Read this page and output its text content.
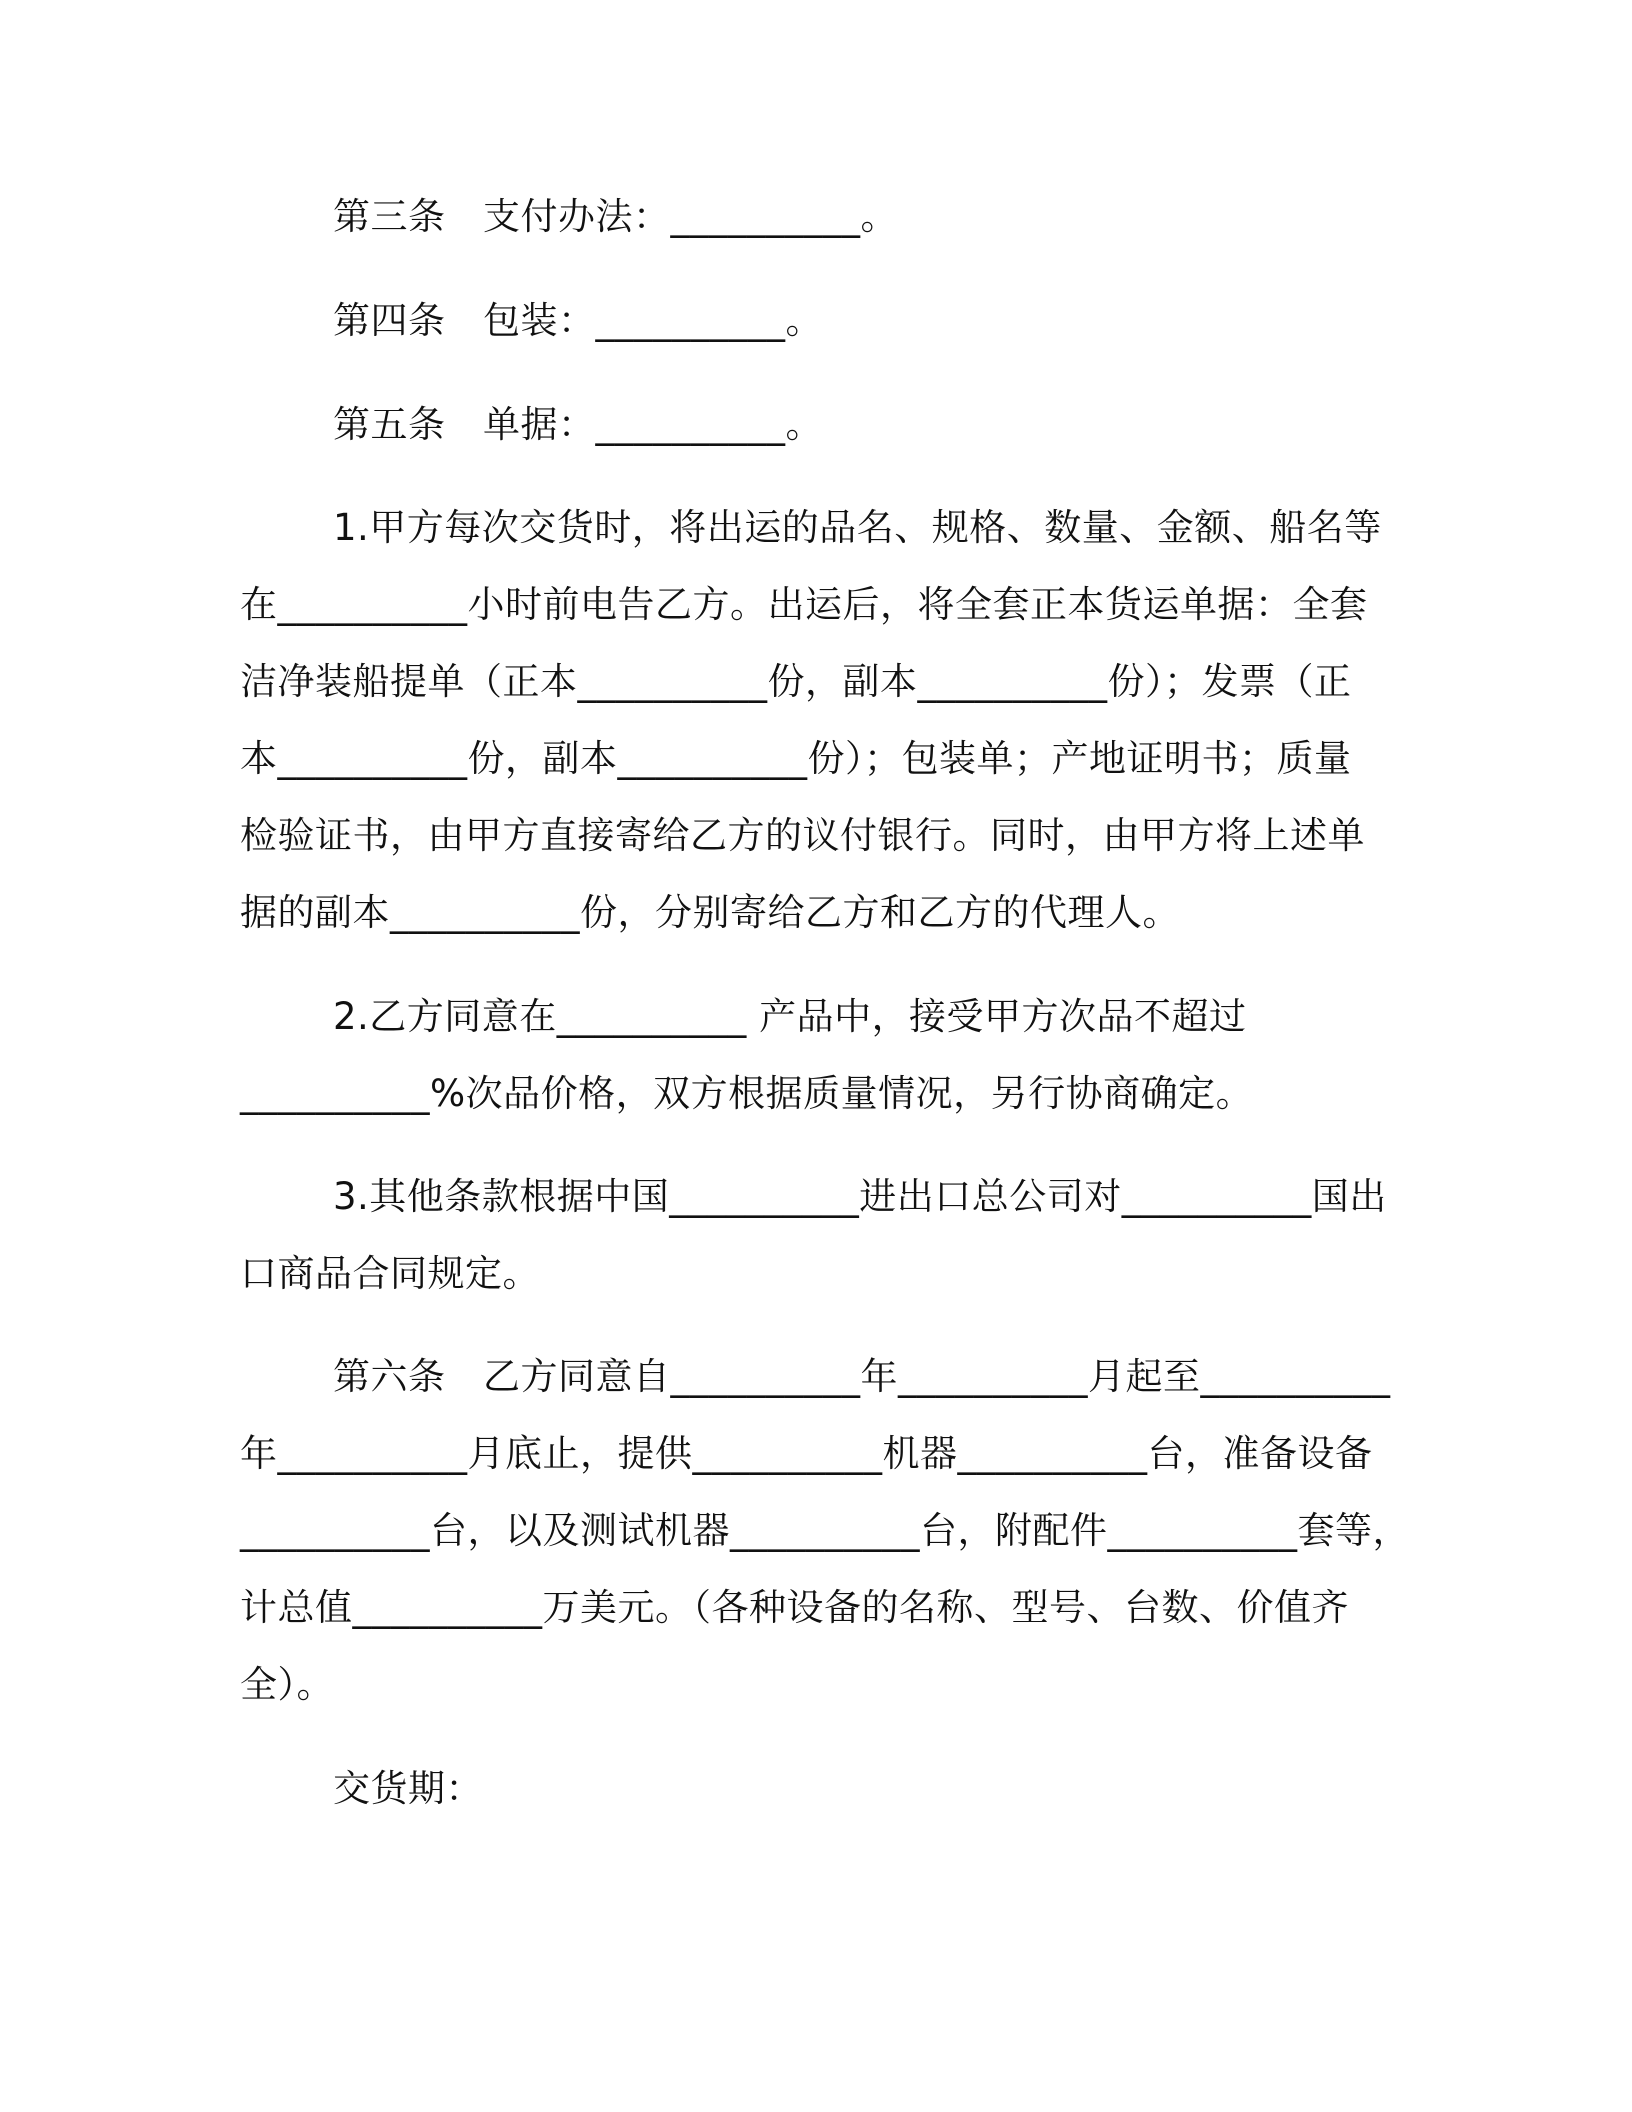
第三条　支付办法：__________。
第四条　包装：__________。
第五条　单据：__________。
1.甲方每次交货时，将出运的品名、规格、数量、金额、船名等
在__________小时前电告乙方。出运后，将全套正本货运单据：全套
洁净装船提单（正本__________份，副本__________份）；发票（正
本__________份，副本__________份）；包装单；产地证明书；质量
检验证书，由甲方直接寄给乙方的议付银行。同时，由甲方将上述单
据的副本__________份，分别寄给乙方和乙方的代理人。
2.乙方同意在__________ 产品中，接受甲方次品不超过
__________%次品价格，双方根据质量情况，另行协商确定。
3.其他条款根据中国__________进出口总公司对__________国出
口商品合同规定。
第六条　乙方同意自__________年__________月起至__________
年__________月底止，提供__________机器__________台，准备设备
__________台，以及测试机器__________台，附配件__________套等，
计总值__________万美元。（各种设备的名称、型号、台数、价值齐
全）。
交货期：
